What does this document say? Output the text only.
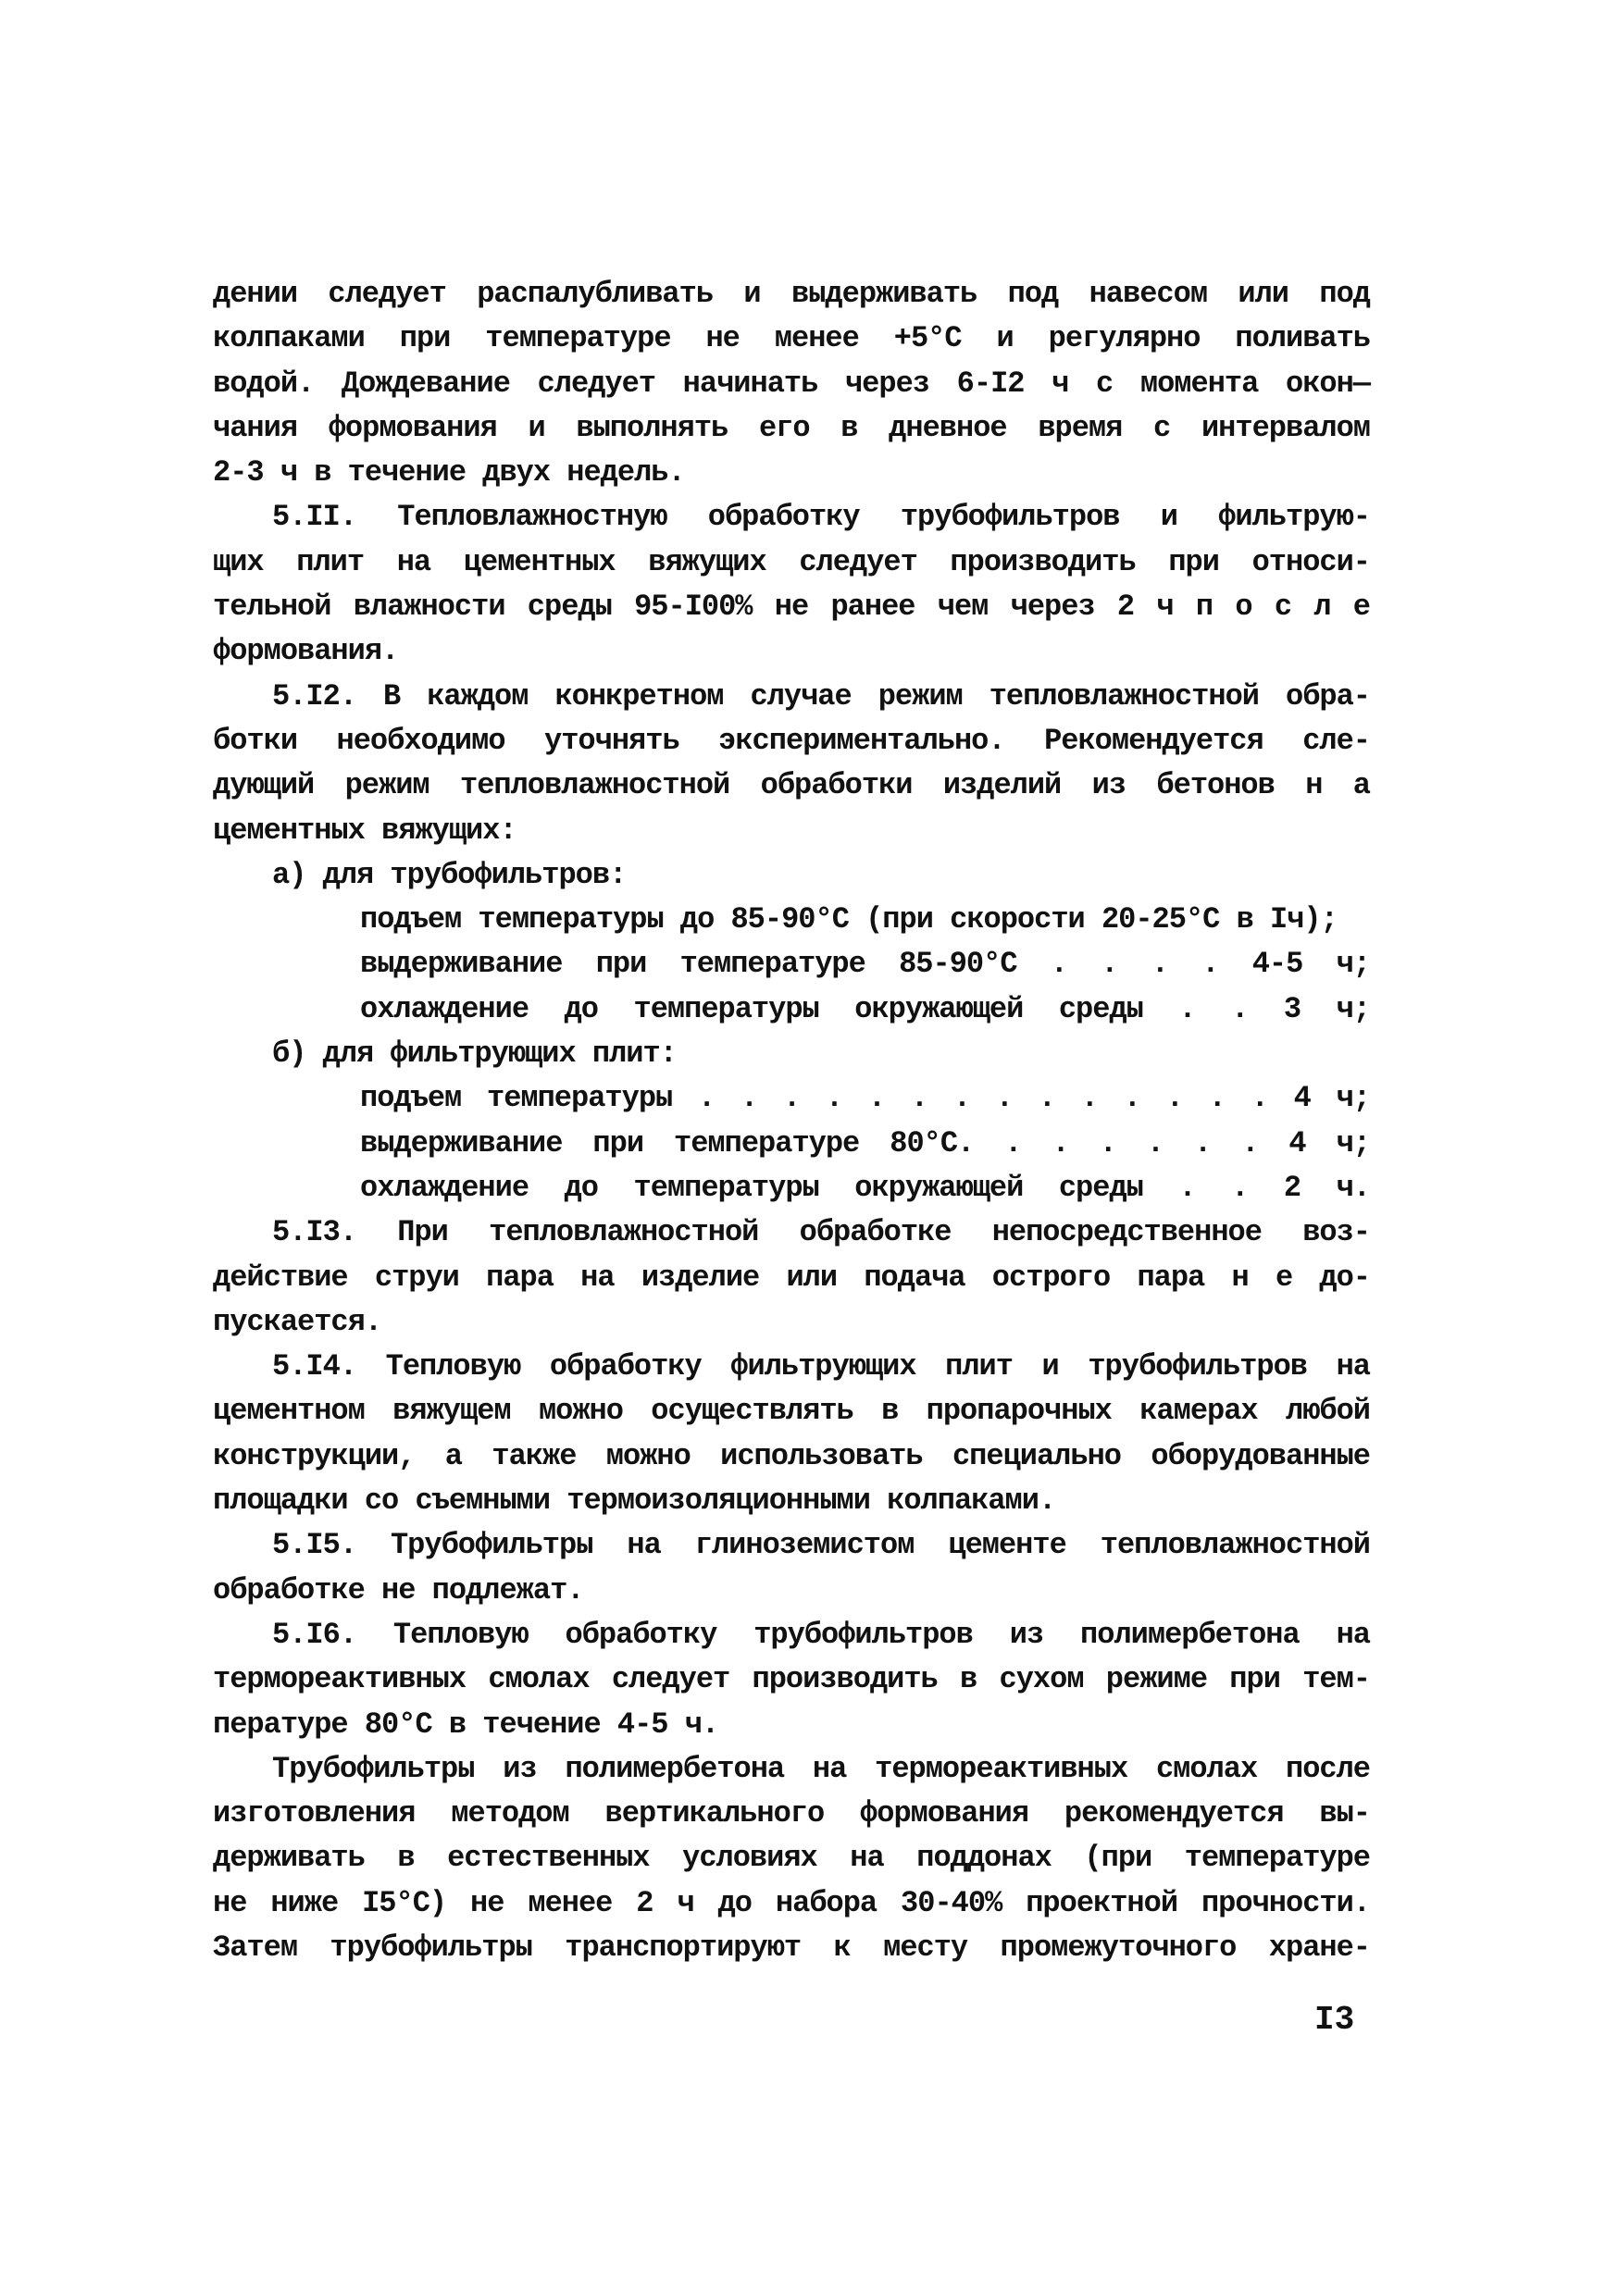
дении следует распалубливать и выдерживать под навесом или под
колпаками при температуре не менее +5°С и регулярно поливать
водой. Дождевание следует начинать через 6-I2 ч с момента окон—
чания формования и выполнять его в дневное время с интервалом
2-3 ч в течение двух недель.
5.II. Тепловлажностную обработку трубофильтров и фильтрую-
щих плит на цементных вяжущих следует производить при относи-
тельной влажности среды 95-I00% не ранее чем через 2 ч п о с л е
формования.
5.I2. В каждом конкретном случае режим тепловлажностной обра-
ботки необходимо уточнять экспериментально. Рекомендуется сле-
дующий режим тепловлажностной обработки изделий из бетонов н а
цементных вяжущих:
а) для трубофильтров:
подъем температуры до 85-90°С (при скорости 20-25°С в Iч);
выдерживание при температуре 85-90°С . . . . 4-5 ч;
охлаждение до температуры окружающей среды . . 3 ч;
б) для фильтрующих плит:
подъем температуры . . . . . . . . . . . . . . 4 ч;
выдерживание при температуре 80°С. . . . . . . 4 ч;
охлаждение до температуры окружающей среды . . 2 ч.
5.I3. При тепловлажностной обработке непосредственное воз-
действие струи пара на изделие или подача острого пара н е до-
пускается.
5.I4. Тепловую обработку фильтрующих плит и трубофильтров на
цементном вяжущем можно осуществлять в пропарочных камерах любой
конструкции, а также можно использовать специально оборудованные
площадки со съемными термоизоляционными колпаками.
5.I5. Трубофильтры на глиноземистом цементе тепловлажностной
обработке не подлежат.
5.I6. Тепловую обработку трубофильтров из полимербетона на
термореактивных смолах следует производить в сухом режиме при тем-
пературе 80°С в течение 4-5 ч.
Трубофильтры из полимербетона на термореактивных смолах после
изготовления методом вертикального формования рекомендуется вы-
держивать в естественных условиях на поддонах (при температуре
не ниже I5°С) не менее 2 ч до набора 30-40% проектной прочности.
Затем трубофильтры транспортируют к месту промежуточного хране-
I3
